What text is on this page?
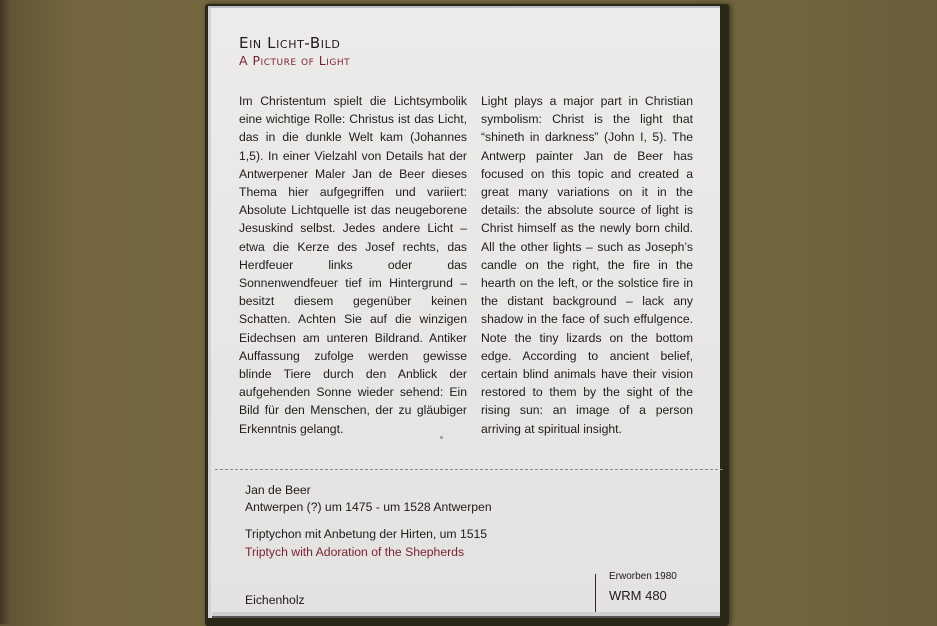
Ein Licht-Bild
A Picture of Light

Im Christentum spielt die Lichtsymbolik eine wichtige Rolle: Christus ist das Licht, das in die dunkle Welt kam (Johannes 1,5). In einer Vielzahl von Details hat der Antwerpener Maler Jan de Beer dieses Thema hier aufgegriffen und variiert: Absolute Lichtquelle ist das neugeborene Jesuskind selbst. Jedes andere Licht – etwa die Kerze des Josef rechts, das Herdfeuer links oder das Sonnenwendfeuer tief im Hintergrund – besitzt diesem gegenüber keinen Schatten. Achten Sie auf die winzigen Eidechsen am unteren Bildrand. Antiker Auffassung zufolge werden gewisse blinde Tiere durch den Anblick der aufgehenden Sonne wieder sehend: Ein Bild für den Menschen, der zu gläubiger Erkenntnis gelangt.

Light plays a major part in Christian symbolism: Christ is the light that “shineth in darkness” (John I, 5). The Antwerp painter Jan de Beer has focused on this topic and created a great many variations on it in the details: the absolute source of light is Christ himself as the newly born child. All the other lights – such as Joseph’s candle on the right, the fire in the hearth on the left, or the solstice fire in the distant background – lack any shadow in the face of such effulgence. Note the tiny lizards on the bottom edge. According to ancient belief, certain blind animals have their vision restored to them by the sight of the rising sun: an image of a person arriving at spiritual insight.

Jan de Beer
Antwerpen (?) um 1475 - um 1528 Antwerpen
Triptychon mit Anbetung der Hirten, um 1515
Triptych with Adoration of the Shepherds
Eichenholz
Erworben 1980
WRM 480
